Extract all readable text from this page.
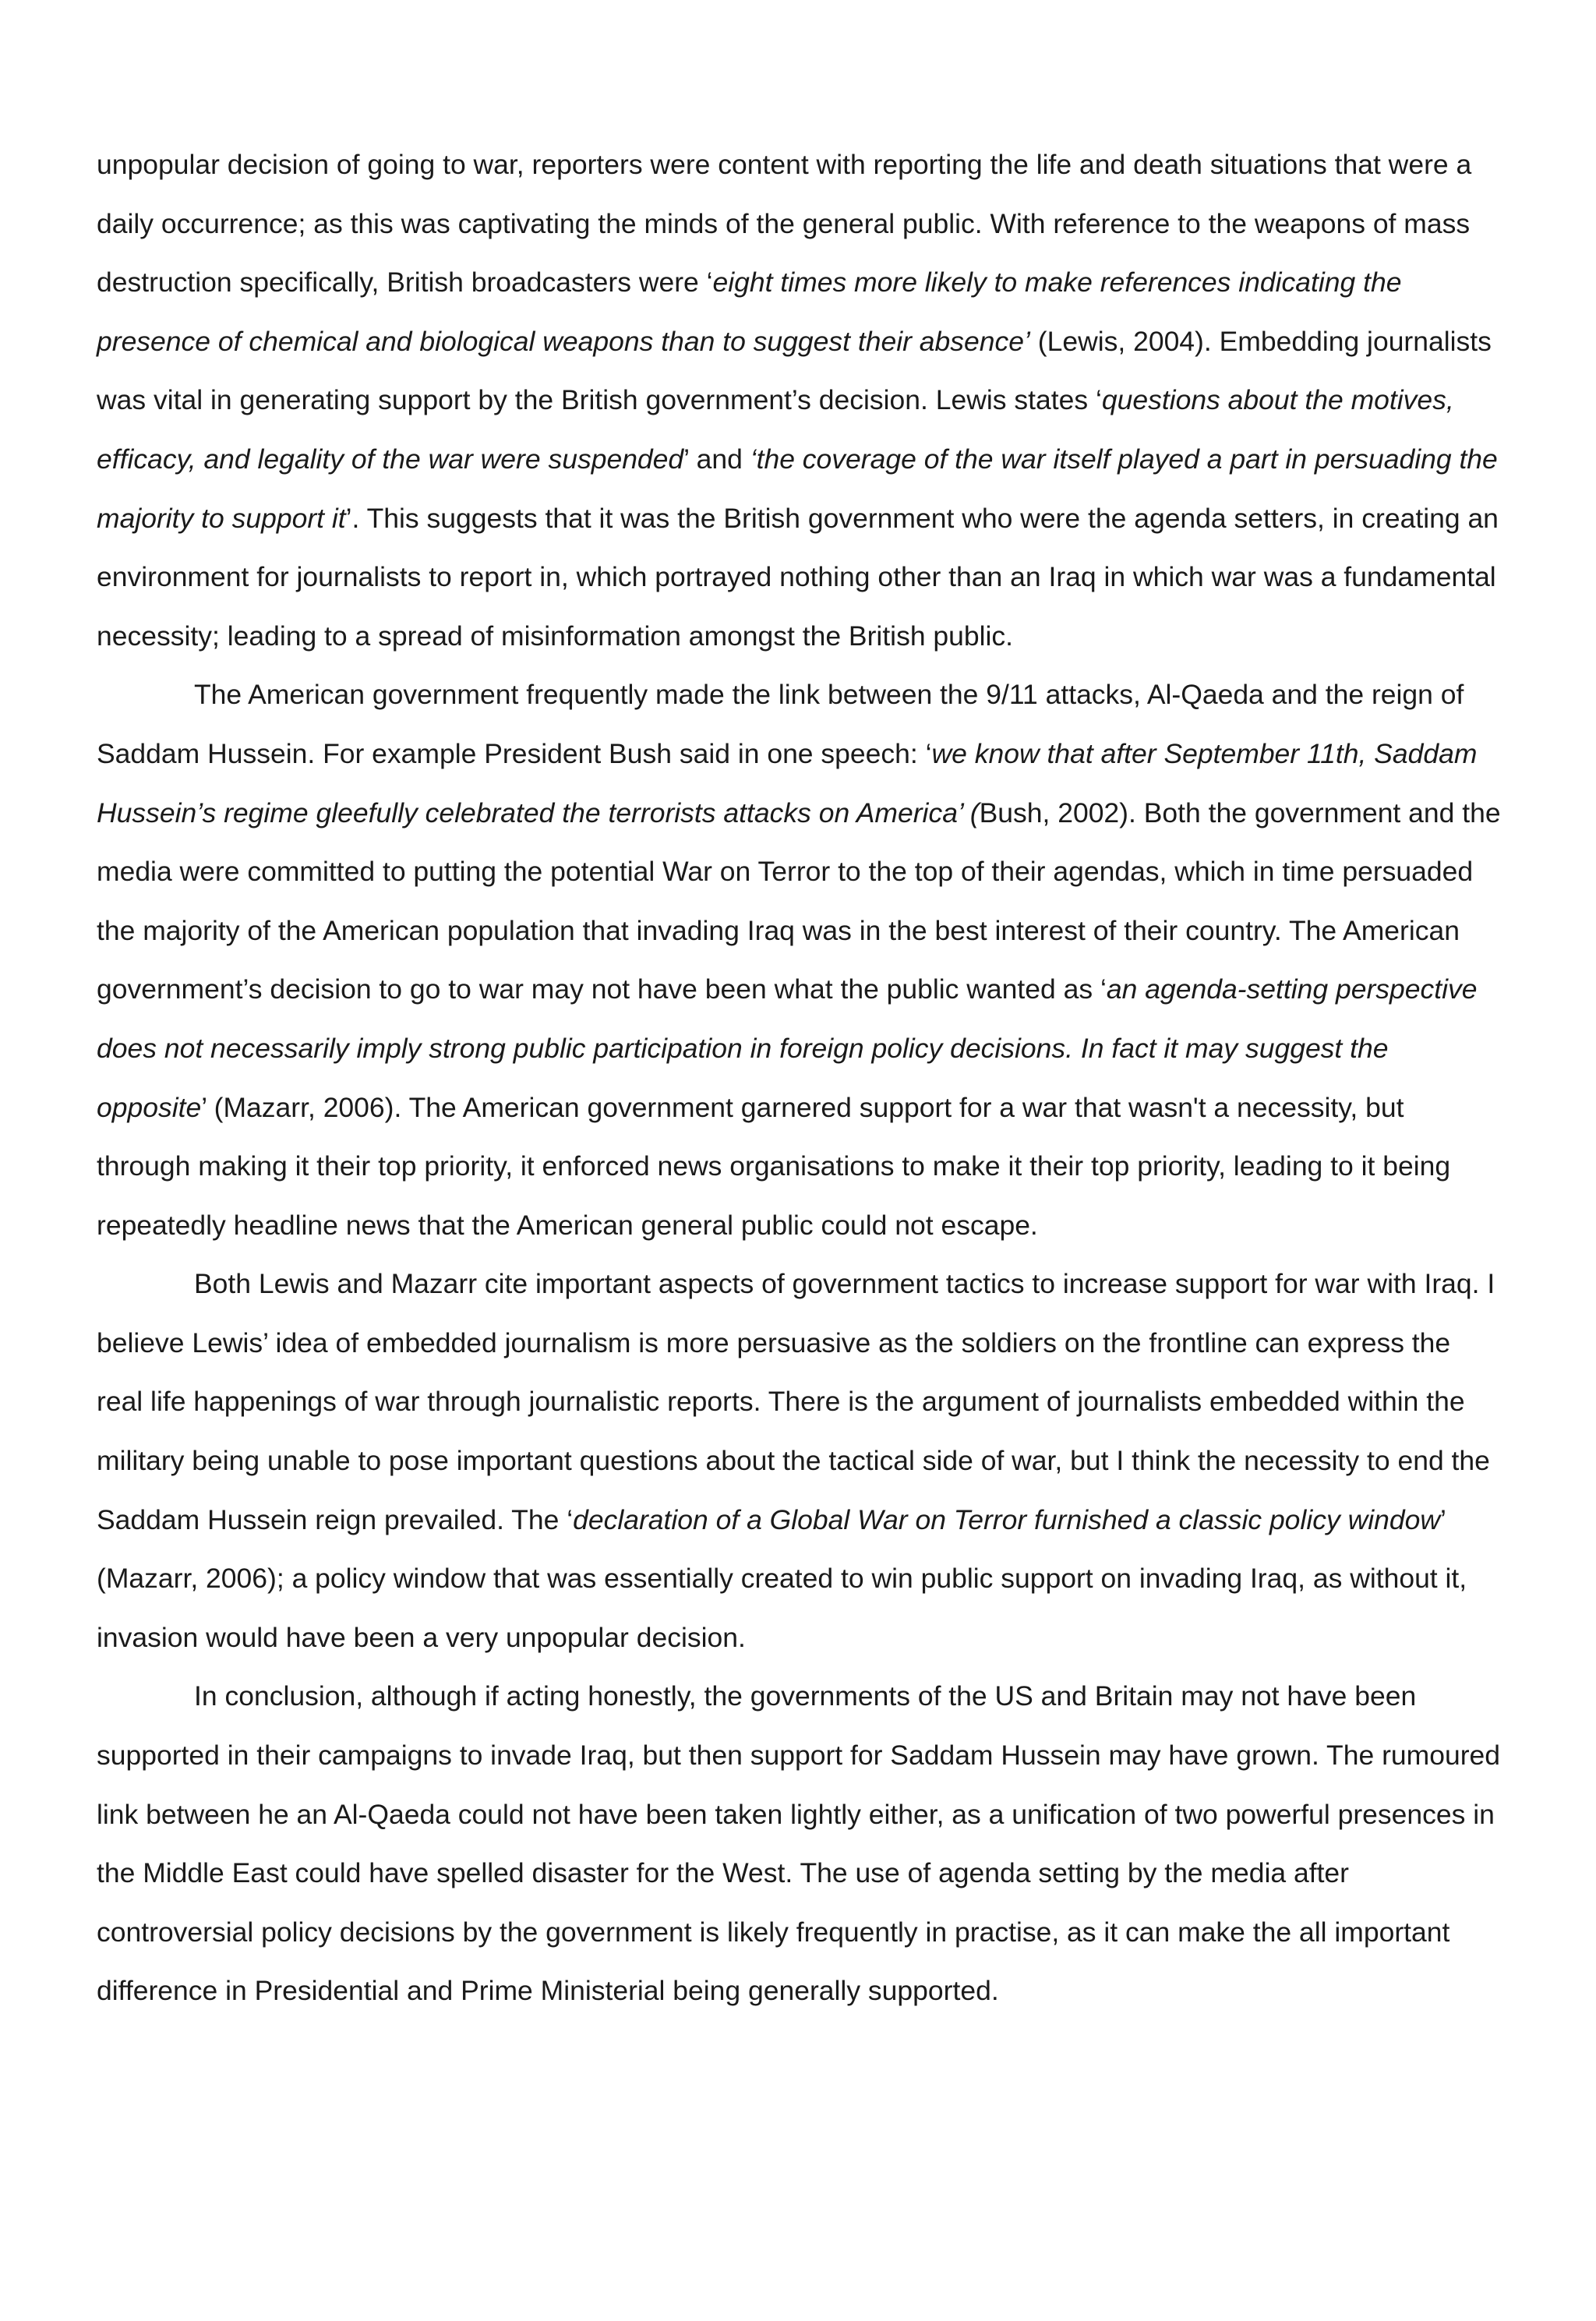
unpopular decision of going to war, reporters were content with reporting the life and death situations that were a daily occurrence; as this was captivating the minds of the general public. With reference to the weapons of mass destruction specifically, British broadcasters were ‘eight times more likely to make references indicating the presence of chemical and biological weapons than to suggest their absence’ (Lewis, 2004). Embedding journalists was vital in generating support by the British government’s decision. Lewis states ‘questions about the motives, efficacy, and legality of the war were suspended’ and ‘the coverage of the war itself played a part in persuading the majority to support it’. This suggests that it was the British government who were the agenda setters, in creating an environment for journalists to report in, which portrayed nothing other than an Iraq in which war was a fundamental necessity; leading to a spread of misinformation amongst the British public.

The American government frequently made the link between the 9/11 attacks, Al-Qaeda and the reign of Saddam Hussein. For example President Bush said in one speech: ‘we know that after September 11th, Saddam Hussein’s regime gleefully celebrated the terrorists attacks on America’ (Bush, 2002). Both the government and the media were committed to putting the potential War on Terror to the top of their agendas, which in time persuaded the majority of the American population that invading Iraq was in the best interest of their country. The American government’s decision to go to war may not have been what the public wanted as ‘an agenda-setting perspective does not necessarily imply strong public participation in foreign policy decisions. In fact it may suggest the opposite’ (Mazarr, 2006). The American government garnered support for a war that wasn't a necessity, but through making it their top priority, it enforced news organisations to make it their top priority, leading to it being repeatedly headline news that the American general public could not escape.

Both Lewis and Mazarr cite important aspects of government tactics to increase support for war with Iraq. I believe Lewis’ idea of embedded journalism is more persuasive as the soldiers on the frontline can express the real life happenings of war through journalistic reports. There is the argument of journalists embedded within the military being unable to pose important questions about the tactical side of war, but I think the necessity to end the Saddam Hussein reign prevailed. The ‘declaration of a Global War on Terror furnished a classic policy window’ (Mazarr, 2006); a policy window that was essentially created to win public support on invading Iraq, as without it, invasion would have been a very unpopular decision.

In conclusion, although if acting honestly, the governments of the US and Britain may not have been supported in their campaigns to invade Iraq, but then support for Saddam Hussein may have grown. The rumoured link between he an Al-Qaeda could not have been taken lightly either, as a unification of two powerful presences in the Middle East could have spelled disaster for the West. The use of agenda setting by the media after controversial policy decisions by the government is likely frequently in practise, as it can make the all important difference in Presidential and Prime Ministerial being generally supported.
